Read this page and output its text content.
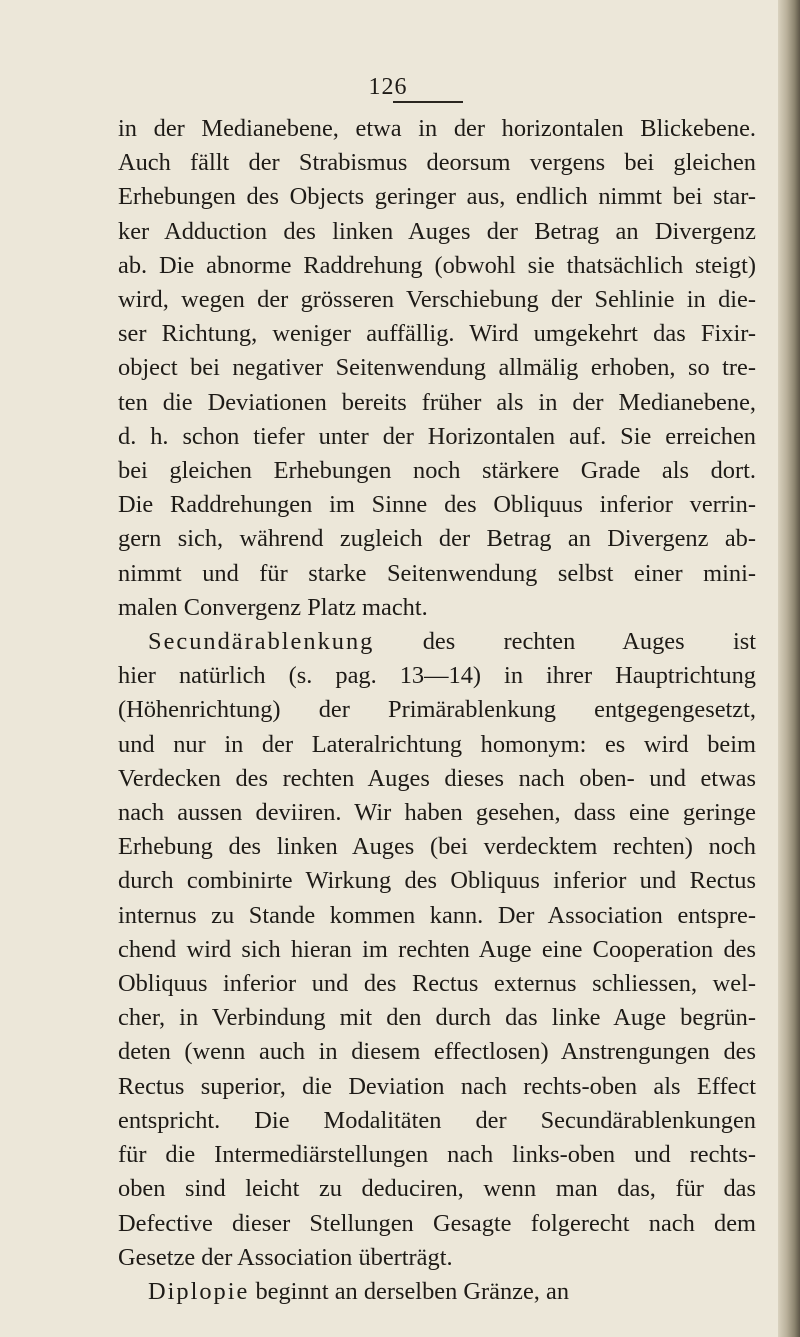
126
in der Medianebene, etwa in der horizontalen Blickebene.
Auch fällt der Strabismus deorsum vergens bei gleichen
Erhebungen des Objects geringer aus, endlich nimmt bei star-
ker Adduction des linken Auges der Betrag an Divergenz
ab. Die abnorme Raddrehung (obwohl sie thatsächlich steigt)
wird, wegen der grösseren Verschiebung der Sehlinie in die-
ser Richtung, weniger auffällig. Wird umgekehrt das Fixir-
object bei negativer Seitenwendung allmälig erhoben, so tre-
ten die Deviationen bereits früher als in der Medianebene,
d. h. schon tiefer unter der Horizontalen auf. Sie erreichen
bei gleichen Erhebungen noch stärkere Grade als dort.
Die Raddrehungen im Sinne des Obliquus inferior verrin-
gern sich, während zugleich der Betrag an Divergenz ab-
nimmt und für starke Seitenwendung selbst einer mini-
malen Convergenz Platz macht.
Secundärablenkung des rechten Auges ist
hier natürlich (s. pag. 13—14) in ihrer Hauptrichtung
(Höhenrichtung) der Primärablenkung entgegengesetzt,
und nur in der Lateralrichtung homonym: es wird beim
Verdecken des rechten Auges dieses nach oben- und etwas
nach aussen deviiren. Wir haben gesehen, dass eine geringe
Erhebung des linken Auges (bei verdecktem rechten) noch
durch combinirte Wirkung des Obliquus inferior und Rectus
internus zu Stande kommen kann. Der Association entspre-
chend wird sich hieran im rechten Auge eine Cooperation des
Obliquus inferior und des Rectus externus schliessen, wel-
cher, in Verbindung mit den durch das linke Auge begrün-
deten (wenn auch in diesem effectlosen) Anstrengungen des
Rectus superior, die Deviation nach rechts-oben als Effect
entspricht. Die Modalitäten der Secundärablenkungen
für die Intermediärstellungen nach links-oben und rechts-
oben sind leicht zu deduciren, wenn man das, für das
Defective dieser Stellungen Gesagte folgerecht nach dem
Gesetze der Association überträgt.
Diplopie beginnt an derselben Gränze, an
